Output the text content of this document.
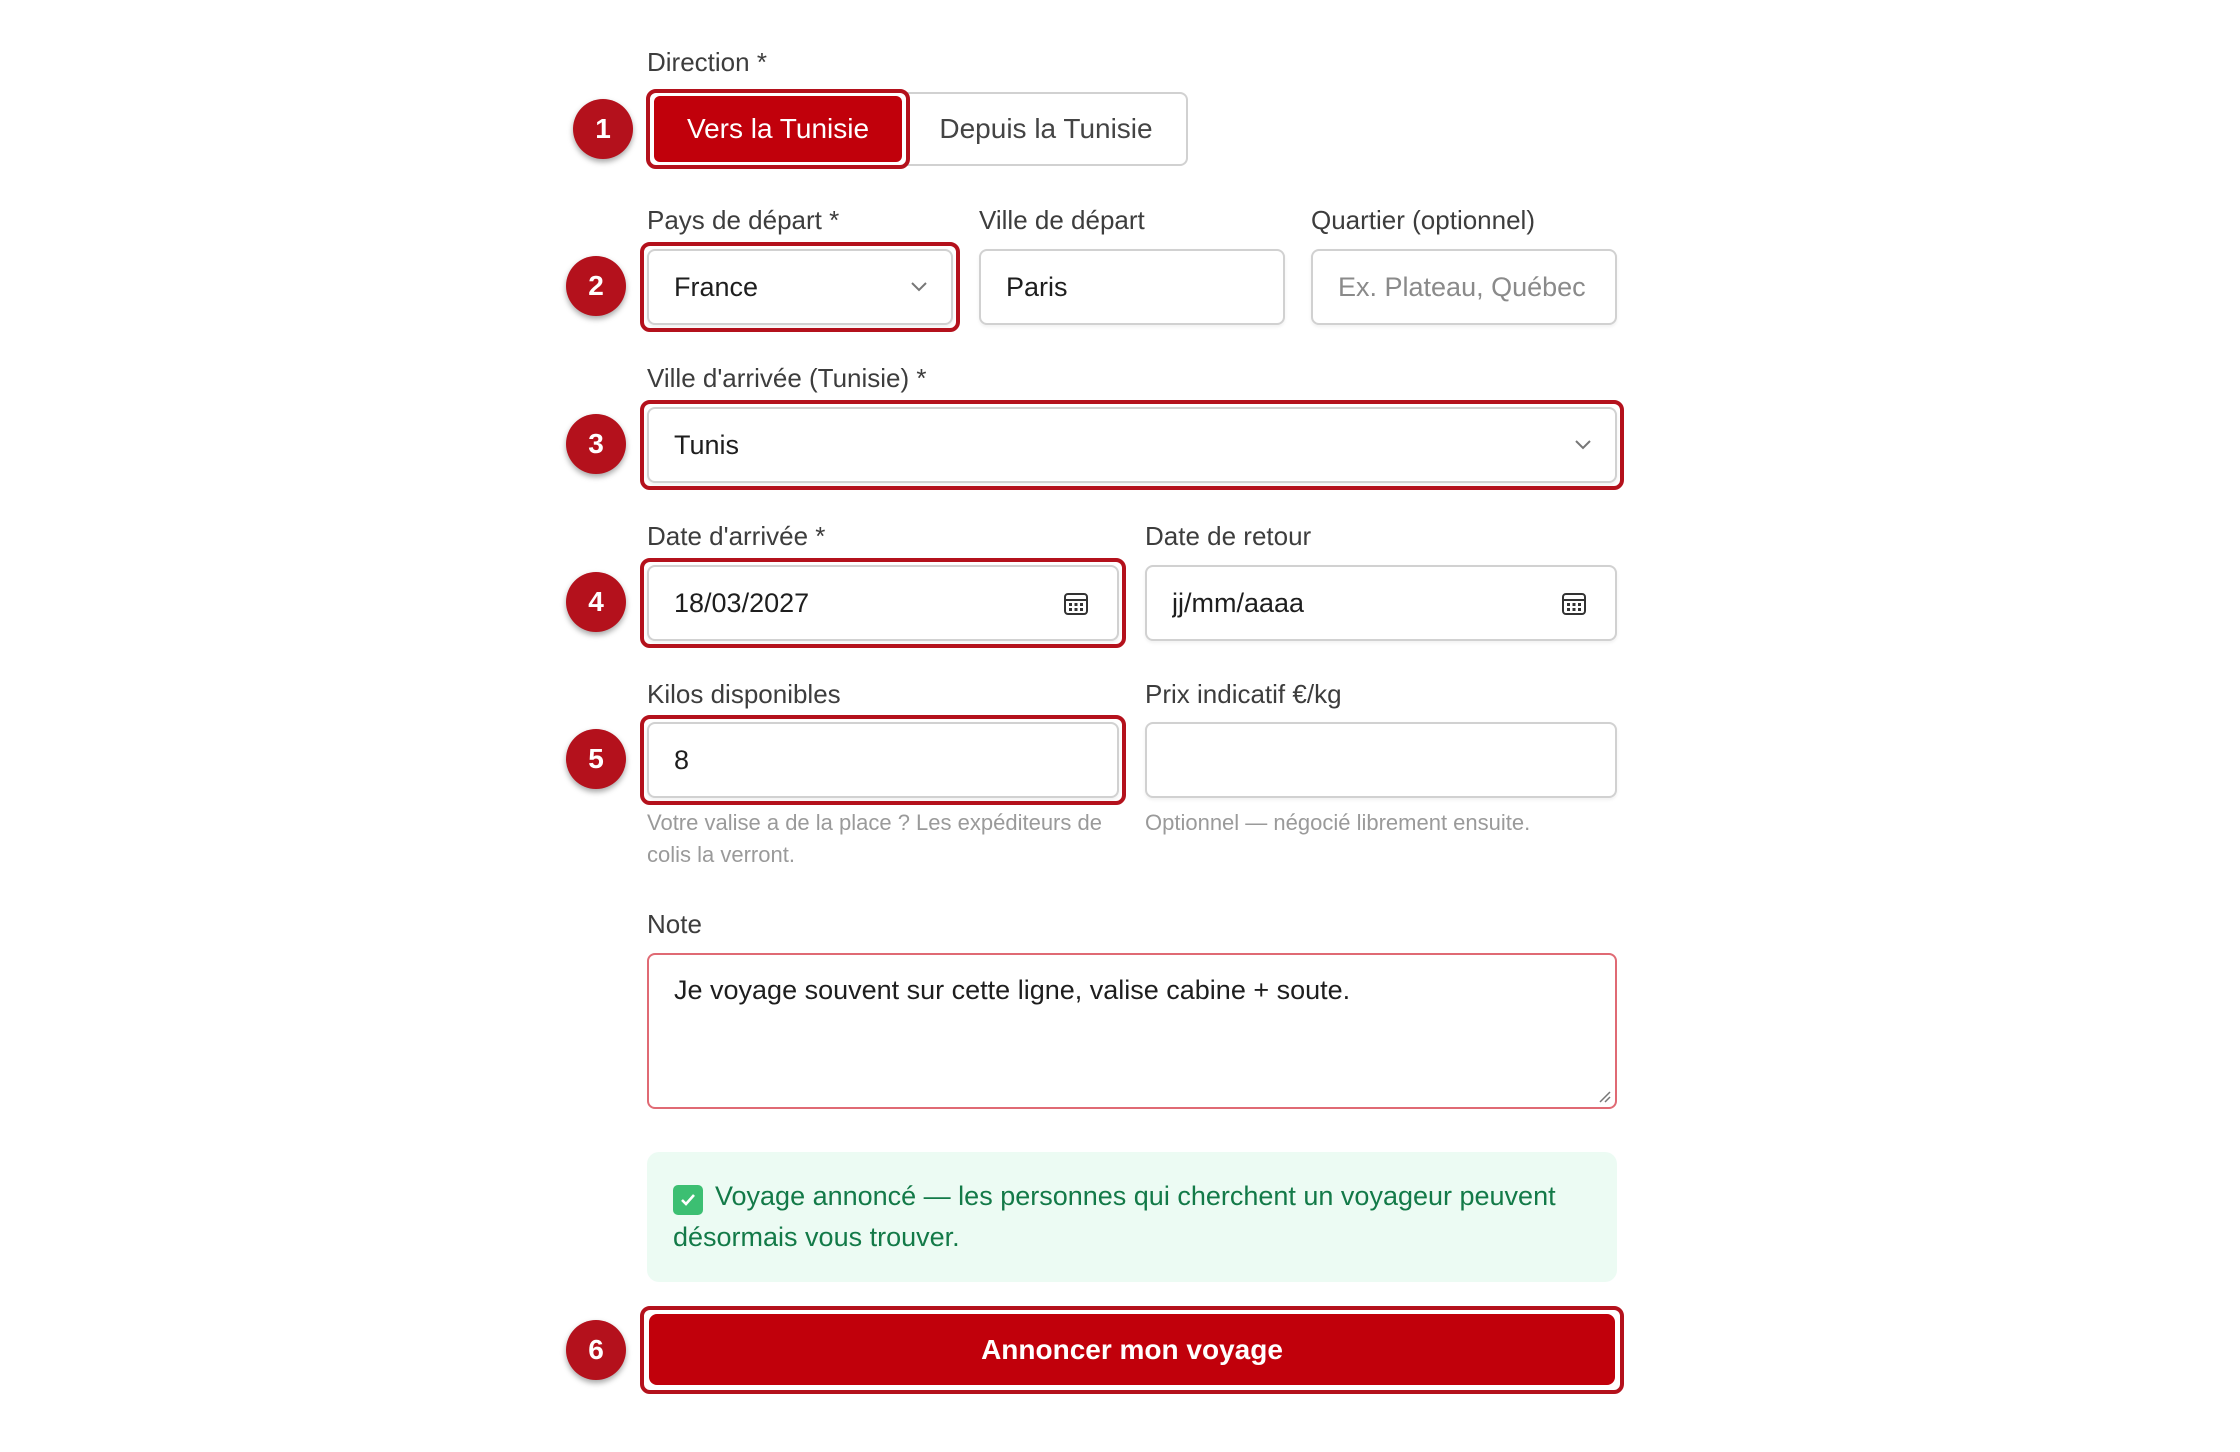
Direction *
1	Vers la Tunisie	Depuis la Tunisie
Pays de départ *	Ville de départ	Quartier (optionnel)
2	France	Paris	Ex. Plateau, Québec
Ville d'arrivée (Tunisie) *
3	Tunis
Date d'arrivée *	Date de retour
4	18/03/2027	jj/mm/aaaa
Kilos disponibles	Prix indicatif €/kg
5	8
Votre valise a de la place ? Les expéditeurs de colis la verront.
Optionnel — négocié librement ensuite.
Note
Je voyage souvent sur cette ligne, valise cabine + soute.
Voyage annoncé — les personnes qui cherchent un voyageur peuvent désormais vous trouver.
6	Annoncer mon voyage
